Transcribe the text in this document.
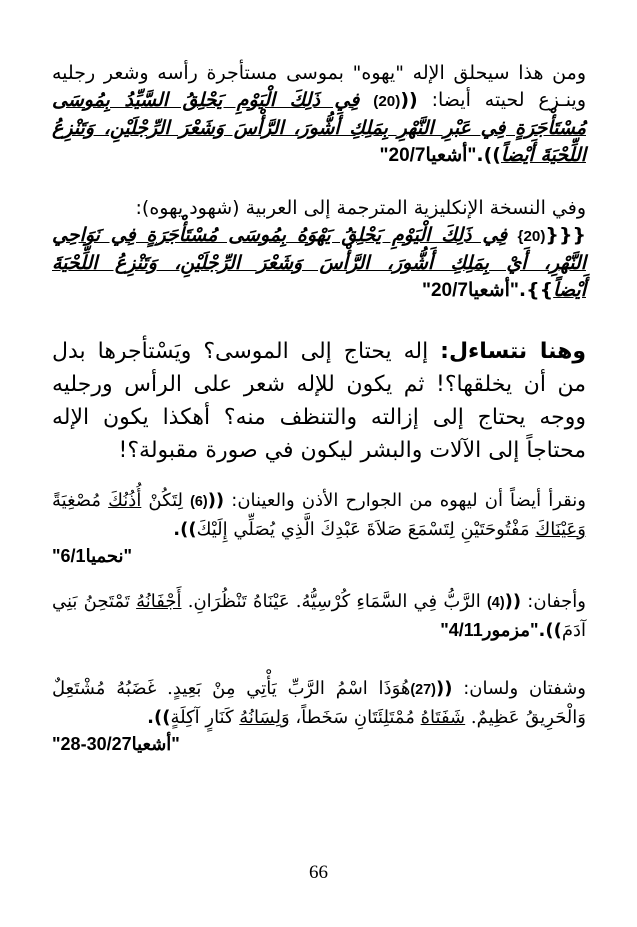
ومن هذا سيحلق الإله "يهوه" بموسى مستأجرة رأسه وشعر رجليه وينـزع لحيته أيضا: (((20) فِي ذَلِكَ الْيَوْمِ يَحْلِقُ السَّيِّدُ بِمُوسَى مُسْتَأْجَرَةٍ فِي عَبْرِ النَّهْرِ بِمَلِكِ أَشُّورَ، الرَّأْسَ وَشَعْرَ الرِّجْلَيْنِ، وَتَنْزِعُ اللِّحْيَةَ أَيْضاً))."أشعيا20/7"

وفي النسخة الإنكليزية المترجمة إلى العربية (شهود يهوه):
{{{(20} فِي ذَلِكَ الْيَوْمِ يَحْلِقُ يَهْوَهُ بِمُوسَى مُسْتَأْجَرَةٍ فِي نَوَاحِي النَّهْرِ، أَيْ بِمَلِكِ أَشُّورَ، الرَّأْسَ وَشَعْرَ الرِّجْلَيْنِ، وَتَنْزِعُ اللِّحْيَةَ أَيْضاً}}."أشعيا20/7"

وهنا نتساءل: إله يحتاج إلى الموسى؟ ويَسْتأجرها بدل من أن يخلقها؟! ثم يكون للإله شعر على الرأس ورجليه ووجه يحتاج إلى إزالته والتنظف منه؟ أهكذا يكون الإله محتاجاً إلى الآلات والبشر ليكون في صورة مقبولة؟!

ونقرأ أيضاً أن ليهوه من الجوارح الأذن والعينان: (((6) لِتَكُنْ أُذُنُكَ مُصْغِيَةً وَعَيْنَاكَ مَفْتُوحَتَيْنِ لِتَسْمَعَ صَلاَةَ عَبْدِكَ الَّذِي يُصَلِّي إِلَيْكَ)).
"نحميا6/1"

وأجفان: (((4) الرَّبُّ فِي السَّمَاءِ كُرْسِيُّهُ. عَيْنَاهُ تَنْظُرَانِ. أَجْفَانُهُ تَمْتَحِنُ بَنِي آدَمَ))."مزمور4/11"

وشفتان ولسان: (((27)هُوَذَا اسْمُ الرَّبِّ يَأْتِي مِنْ بَعِيدٍ. غَضَبُهُ مُشْتَعِلٌ وَالْحَرِيقُ عَظِيمٌ. شَفَتَاهُ مُمْتَلِئَتَانِ سَخَطاً، وَلِسَانُهُ كَنَارٍ آكِلَةٍ)).
"أشعيا30/27-28"

66
